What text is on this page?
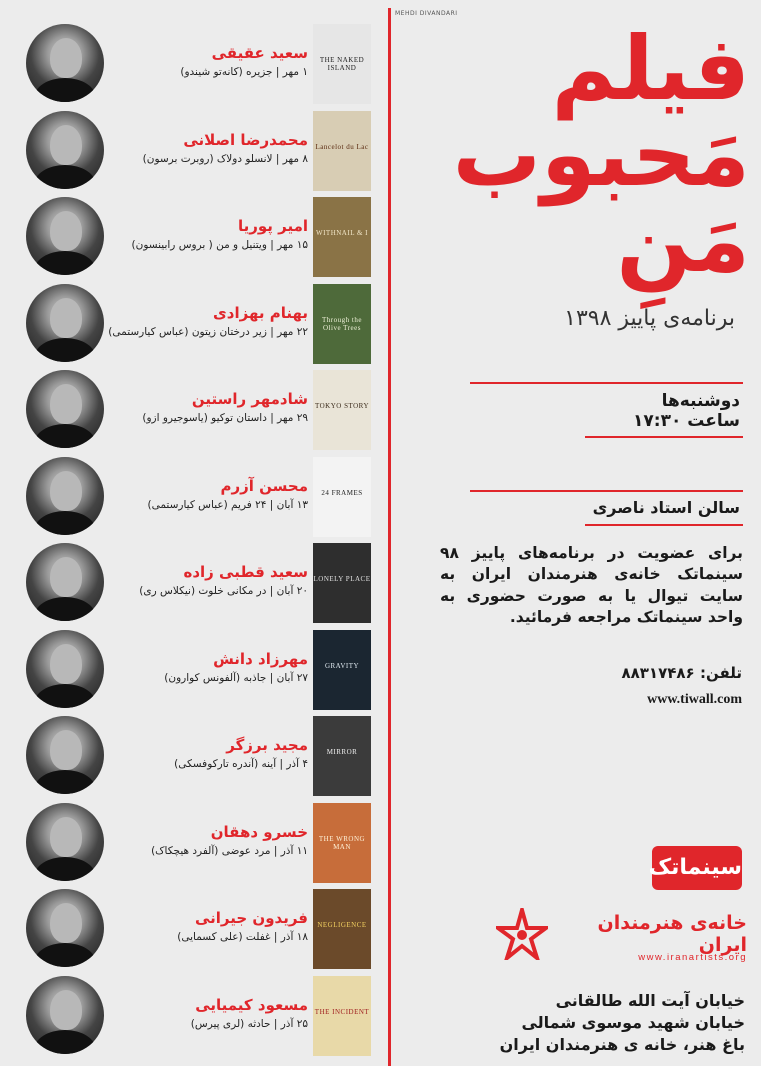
MEHDI DIVANDARI
سعید عقیقی
۱ مهر | جزیره (کانه‌تو شیندو)
THE NAKED ISLAND
محمدرضا اصلانی
۸ مهر | لانسلو دولاک (روبرت برسون)
Lancelot du Lac
امیر پوریا
۱۵ مهر | ویتنیل و من ( بروس رابینسون)
WITHNAIL & I
بهنام بهزادی
۲۲ مهر | زیر درختان زیتون (عباس کیارستمی)
Through the Olive Trees
شادمهر راستین
۲۹ مهر | داستان توکیو (یاسوجیرو ازو)
TOKYO STORY
محسن آزرم
۱۳ آبان | ۲۴ فریم (عباس کیارستمی)
24 FRAMES
سعید قطبی زاده
۲۰ آبان | در مکانی خلوت (نیکلاس ری)
LONELY PLACE
مهرزاد دانش
۲۷ آبان | جاذبه (آلفونس کوارون)
GRAVITY
مجید برزگر
۴ آذر | آینه (آندره تارکوفسکی)
MIRROR
خسرو دهقان
۱۱ آذر | مرد عوضی (آلفرد هیچکاک)
THE WRONG MAN
فریدون جیرانی
۱۸ آذر | غفلت (علی کسمایی)
NEGLIGENCE
مسعود کیمیایی
۲۵ آذر | حادثه (لری پیرس)
THE INCIDENT
فیلم
مَحبوب
مَنِ
برنامه‌ی پاییز ۱۳۹۸
دوشنبه‌ها
ساعت ۱۷:۳۰
سالن استاد ناصری
برای عضویت در برنامه‌های پاییز ۹۸ سینماتک خانه‌ی هنرمندان ایران به سایت تیوال یا به صورت حضوری به واحد سینماتک مراجعه فرمائید.
تلفن: ۸۸۳۱۷۴۸۶
www.tiwall.com
سینماتک
خانه‌ی هنرمندان ایران
www.iranartists.org
خیابان آیت الله طالقانی
خیابان شهید موسوی شمالی
باغ هنر، خانه ی هنرمندان ایران
